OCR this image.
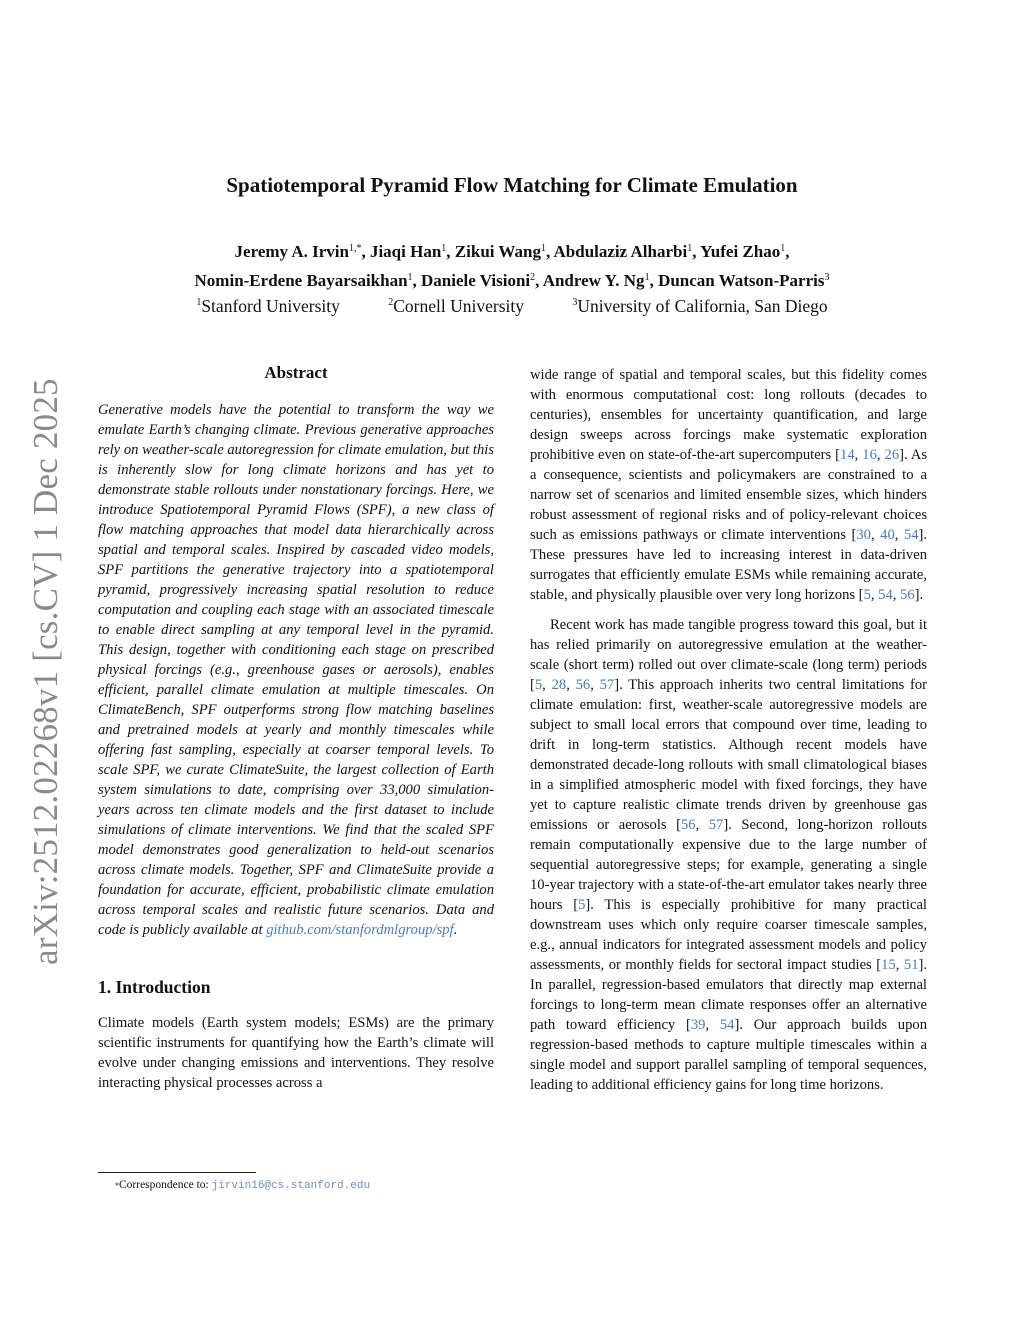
arXiv:2512.02268v1 [cs.CV] 1 Dec 2025
Spatiotemporal Pyramid Flow Matching for Climate Emulation
Jeremy A. Irvin$^{1,*}$, Jiaqi Han$^1$, Zikui Wang$^1$, Abdulaziz Alharbi$^1$, Yufei Zhao$^1$,
Nomin-Erdene Bayarsaikhan$^1$, Daniele Visioni$^2$, Andrew Y. Ng$^1$, Duncan Watson-Parris$^3$
$^1$Stanford University	$^2$Cornell University	$^3$University of California, San Diego
Abstract

Generative models have the potential to transform the way we emulate Earth’s changing climate. Previous generative approaches rely on weather-scale autoregression for climate emulation, but this is inherently slow for long climate horizons and has yet to demonstrate stable rollouts under nonstationary forcings. Here, we introduce Spatiotemporal Pyramid Flows (SPF), a new class of flow matching approaches that model data hierarchically across spatial and temporal scales. Inspired by cascaded video models, SPF partitions the generative trajectory into a spatiotemporal pyramid, progressively increasing spatial resolution to reduce computation and coupling each stage with an associated timescale to enable direct sampling at any temporal level in the pyramid. This design, together with conditioning each stage on prescribed physical forcings (e.g., greenhouse gases or aerosols), enables efficient, parallel climate emulation at multiple timescales. On ClimateBench, SPF outperforms strong flow matching baselines and pretrained models at yearly and monthly timescales while offering fast sampling, especially at coarser temporal levels. To scale SPF, we curate ClimateSuite, the largest collection of Earth system simulations to date, comprising over 33,000 simulation-years across ten climate models and the first dataset to include simulations of climate interventions. We find that the scaled SPF model demonstrates good generalization to held-out scenarios across climate models. Together, SPF and ClimateSuite provide a foundation for accurate, efficient, probabilistic climate emulation across temporal scales and realistic future scenarios. Data and code is publicly available at github.com/stanfordmlgroup/spf.

1. Introduction

Climate models (Earth system models; ESMs) are the primary scientific instruments for quantifying how the Earth’s climate will evolve under changing emissions and interventions. They resolve interacting physical processes across a

wide range of spatial and temporal scales, but this fidelity comes with enormous computational cost: long rollouts (decades to centuries), ensembles for uncertainty quantification, and large design sweeps across forcings make systematic exploration prohibitive even on state-of-the-art supercomputers [14, 16, 26]. As a consequence, scientists and policymakers are constrained to a narrow set of scenarios and limited ensemble sizes, which hinders robust assessment of regional risks and of policy-relevant choices such as emissions pathways or climate interventions [30, 40, 54]. These pressures have led to increasing interest in data-driven surrogates that efficiently emulate ESMs while remaining accurate, stable, and physically plausible over very long horizons [5, 54, 56].

Recent work has made tangible progress toward this goal, but it has relied primarily on autoregressive emulation at the weather-scale (short term) rolled out over climate-scale (long term) periods [5, 28, 56, 57]. This approach inherits two central limitations for climate emulation: first, weather-scale autoregressive models are subject to small local errors that compound over time, leading to drift in long-term statistics. Although recent models have demonstrated decade-long rollouts with small climatological biases in a simplified atmospheric model with fixed forcings, they have yet to capture realistic climate trends driven by greenhouse gas emissions or aerosols [56, 57]. Second, long-horizon rollouts remain computationally expensive due to the large number of sequential autoregressive steps; for example, generating a single 10-year trajectory with a state-of-the-art emulator takes nearly three hours [5]. This is especially prohibitive for many practical downstream uses which only require coarser timescale samples, e.g., annual indicators for integrated assessment models and policy assessments, or monthly fields for sectoral impact studies [15, 51]. In parallel, regression-based emulators that directly map external forcings to long-term mean climate responses offer an alternative path toward efficiency [39, 54]. Our approach builds upon regression-based methods to capture multiple timescales within a single model and support parallel sampling of temporal sequences, leading to additional efficiency gains for long time horizons.

*Correspondence to: jirvin16@cs.stanford.edu
